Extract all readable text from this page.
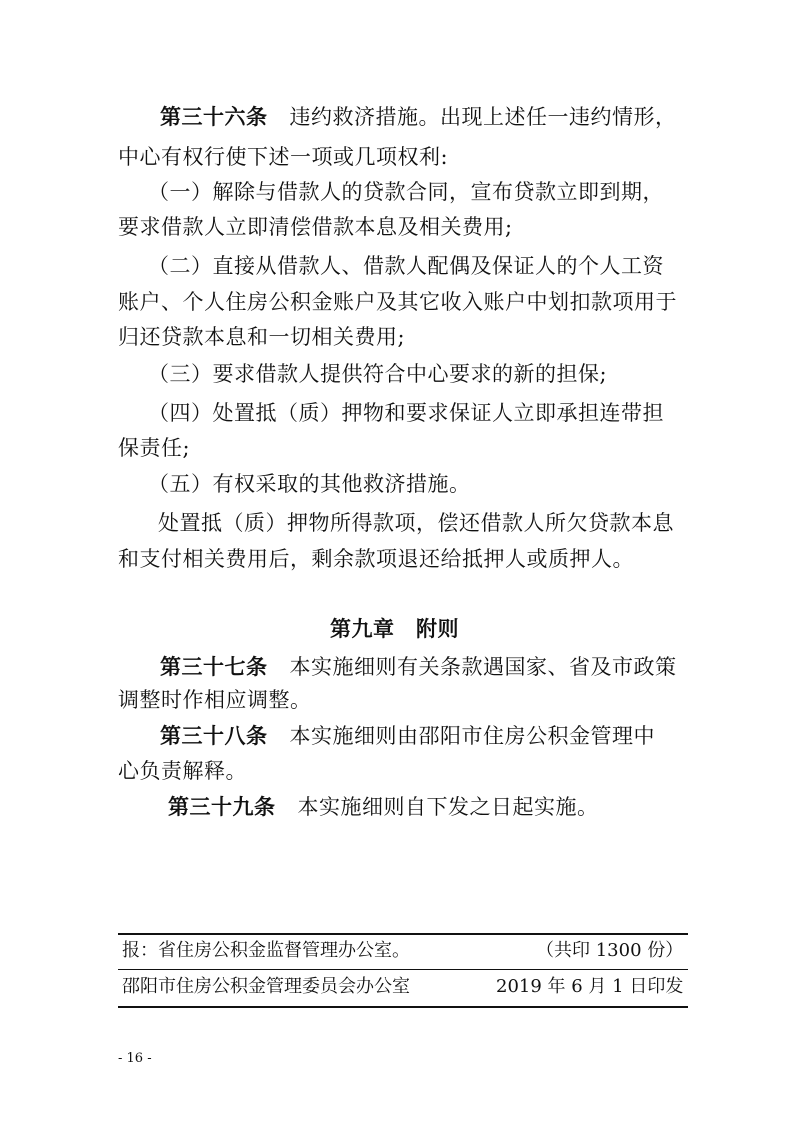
第三十六条 违约救济措施。出现上述任一违约情形，
中心有权行使下述一项或几项权利:
（一）解除与借款人的贷款合同，宣布贷款立即到期，
要求借款人立即清偿借款本息及相关费用;
（二）直接从借款人、借款人配偶及保证人的个人工资
账户、个人住房公积金账户及其它收入账户中划扣款项用于
归还贷款本息和一切相关费用;
（三）要求借款人提供符合中心要求的新的担保;
（四）处置抵（质）押物和要求保证人立即承担连带担
保责任;
（五）有权采取的其他救济措施。
处置抵（质）押物所得款项，偿还借款人所欠贷款本息
和支付相关费用后，剩余款项退还给抵押人或质押人。
第九章　附则
第三十七条 本实施细则有关条款遇国家、省及市政策
调整时作相应调整。
第三十八条 本实施细则由邵阳市住房公积金管理中
心负责解释。
第三十九条 本实施细则自下发之日起实施。
报：省住房公积金监督管理办公室。	（共印 1300 份）
邵阳市住房公积金管理委员会办公室	2019 年 6 月 1 日印发
- 16 -
